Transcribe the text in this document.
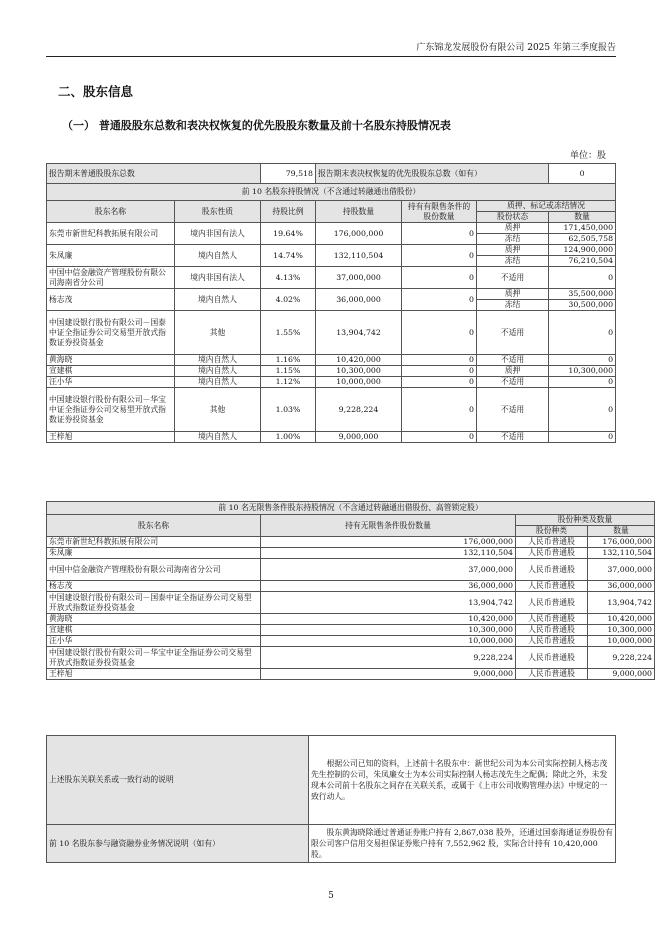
广东锦龙发展股份有限公司 2025 年第三季度报告
二、股东信息
（一） 普通股股东总数和表决权恢复的优先股股东数量及前十名股东持股情况表
单位：股
报告期末普通股股东总数		79,518	报告期末表决权恢复的优先股股东总数（如有）			0
前 10 名股东持股情况（不含通过转融通出借股份）						
股东名称	股东性质	持股比例	持股数量	持有有限售条件的股份数量	质押、标记或冻结情况	
					股份状态	数量
东莞市新世纪科教拓展有限公司	境内非国有法人	19.64%	176,000,000	0	质押	171,450,000
					冻结	62,505,758
朱凤廉	境内自然人	14.74%	132,110,504	0	质押	124,900,000
					冻结	76,210,504
中国中信金融资产管理股份有限公司海南省分公司	境内非国有法人	4.13%	37,000,000	0	不适用	0
杨志茂	境内自然人	4.02%	36,000,000	0	质押	35,500,000
					冻结	30,500,000
中国建设银行股份有限公司－国泰中证全指证券公司交易型开放式指数证券投资基金	其他	1.55%	13,904,742	0	不适用	0
黄海晓	境内自然人	1.16%	10,420,000	0	不适用	0
宣建棋	境内自然人	1.15%	10,300,000	0	质押	10,300,000
汪小华	境内自然人	1.12%	10,000,000	0	不适用	0
中国建设银行股份有限公司－华宝中证全指证券公司交易型开放式指数证券投资基金	其他	1.03%	9,228,224	0	不适用	0
王梓旭	境内自然人	1.00%	9,000,000	0	不适用	0
前 10 名无限售条件股东持股情况（不含通过转融通出借股份、高管锁定股）			
股东名称	持有无限售条件股份数量	股份种类及数量	
		股份种类	数量
东莞市新世纪科教拓展有限公司	176,000,000	人民币普通股	176,000,000
朱凤廉	132,110,504	人民币普通股	132,110,504
中国中信金融资产管理股份有限公司海南省分公司	37,000,000	人民币普通股	37,000,000
杨志茂	36,000,000	人民币普通股	36,000,000
中国建设银行股份有限公司－国泰中证全指证券公司交易型开放式指数证券投资基金	13,904,742	人民币普通股	13,904,742
黄海晓	10,420,000	人民币普通股	10,420,000
宣建棋	10,300,000	人民币普通股	10,300,000
汪小华	10,000,000	人民币普通股	10,000,000
中国建设银行股份有限公司－华宝中证全指证券公司交易型开放式指数证券投资基金	9,228,224	人民币普通股	9,228,224
王梓旭	9,000,000	人民币普通股	9,000,000
上述股东关联关系或一致行动的说明	根据公司已知的资料，上述前十名股东中：新世纪公司为本公司实际控制人杨志茂先生控制的公司，朱凤廉女士为本公司实际控制人杨志茂先生之配偶；除此之外，未发现本公司前十名股东之间存在关联关系，或属于《上市公司收购管理办法》中规定的一致行动人。
前 10 名股东参与融资融券业务情况说明（如有）	股东黄海晓除通过普通证券账户持有 2,867,038 股外，还通过国泰海通证券股份有限公司客户信用交易担保证券账户持有 7,552,962 股，实际合计持有 10,420,000 股。
5
